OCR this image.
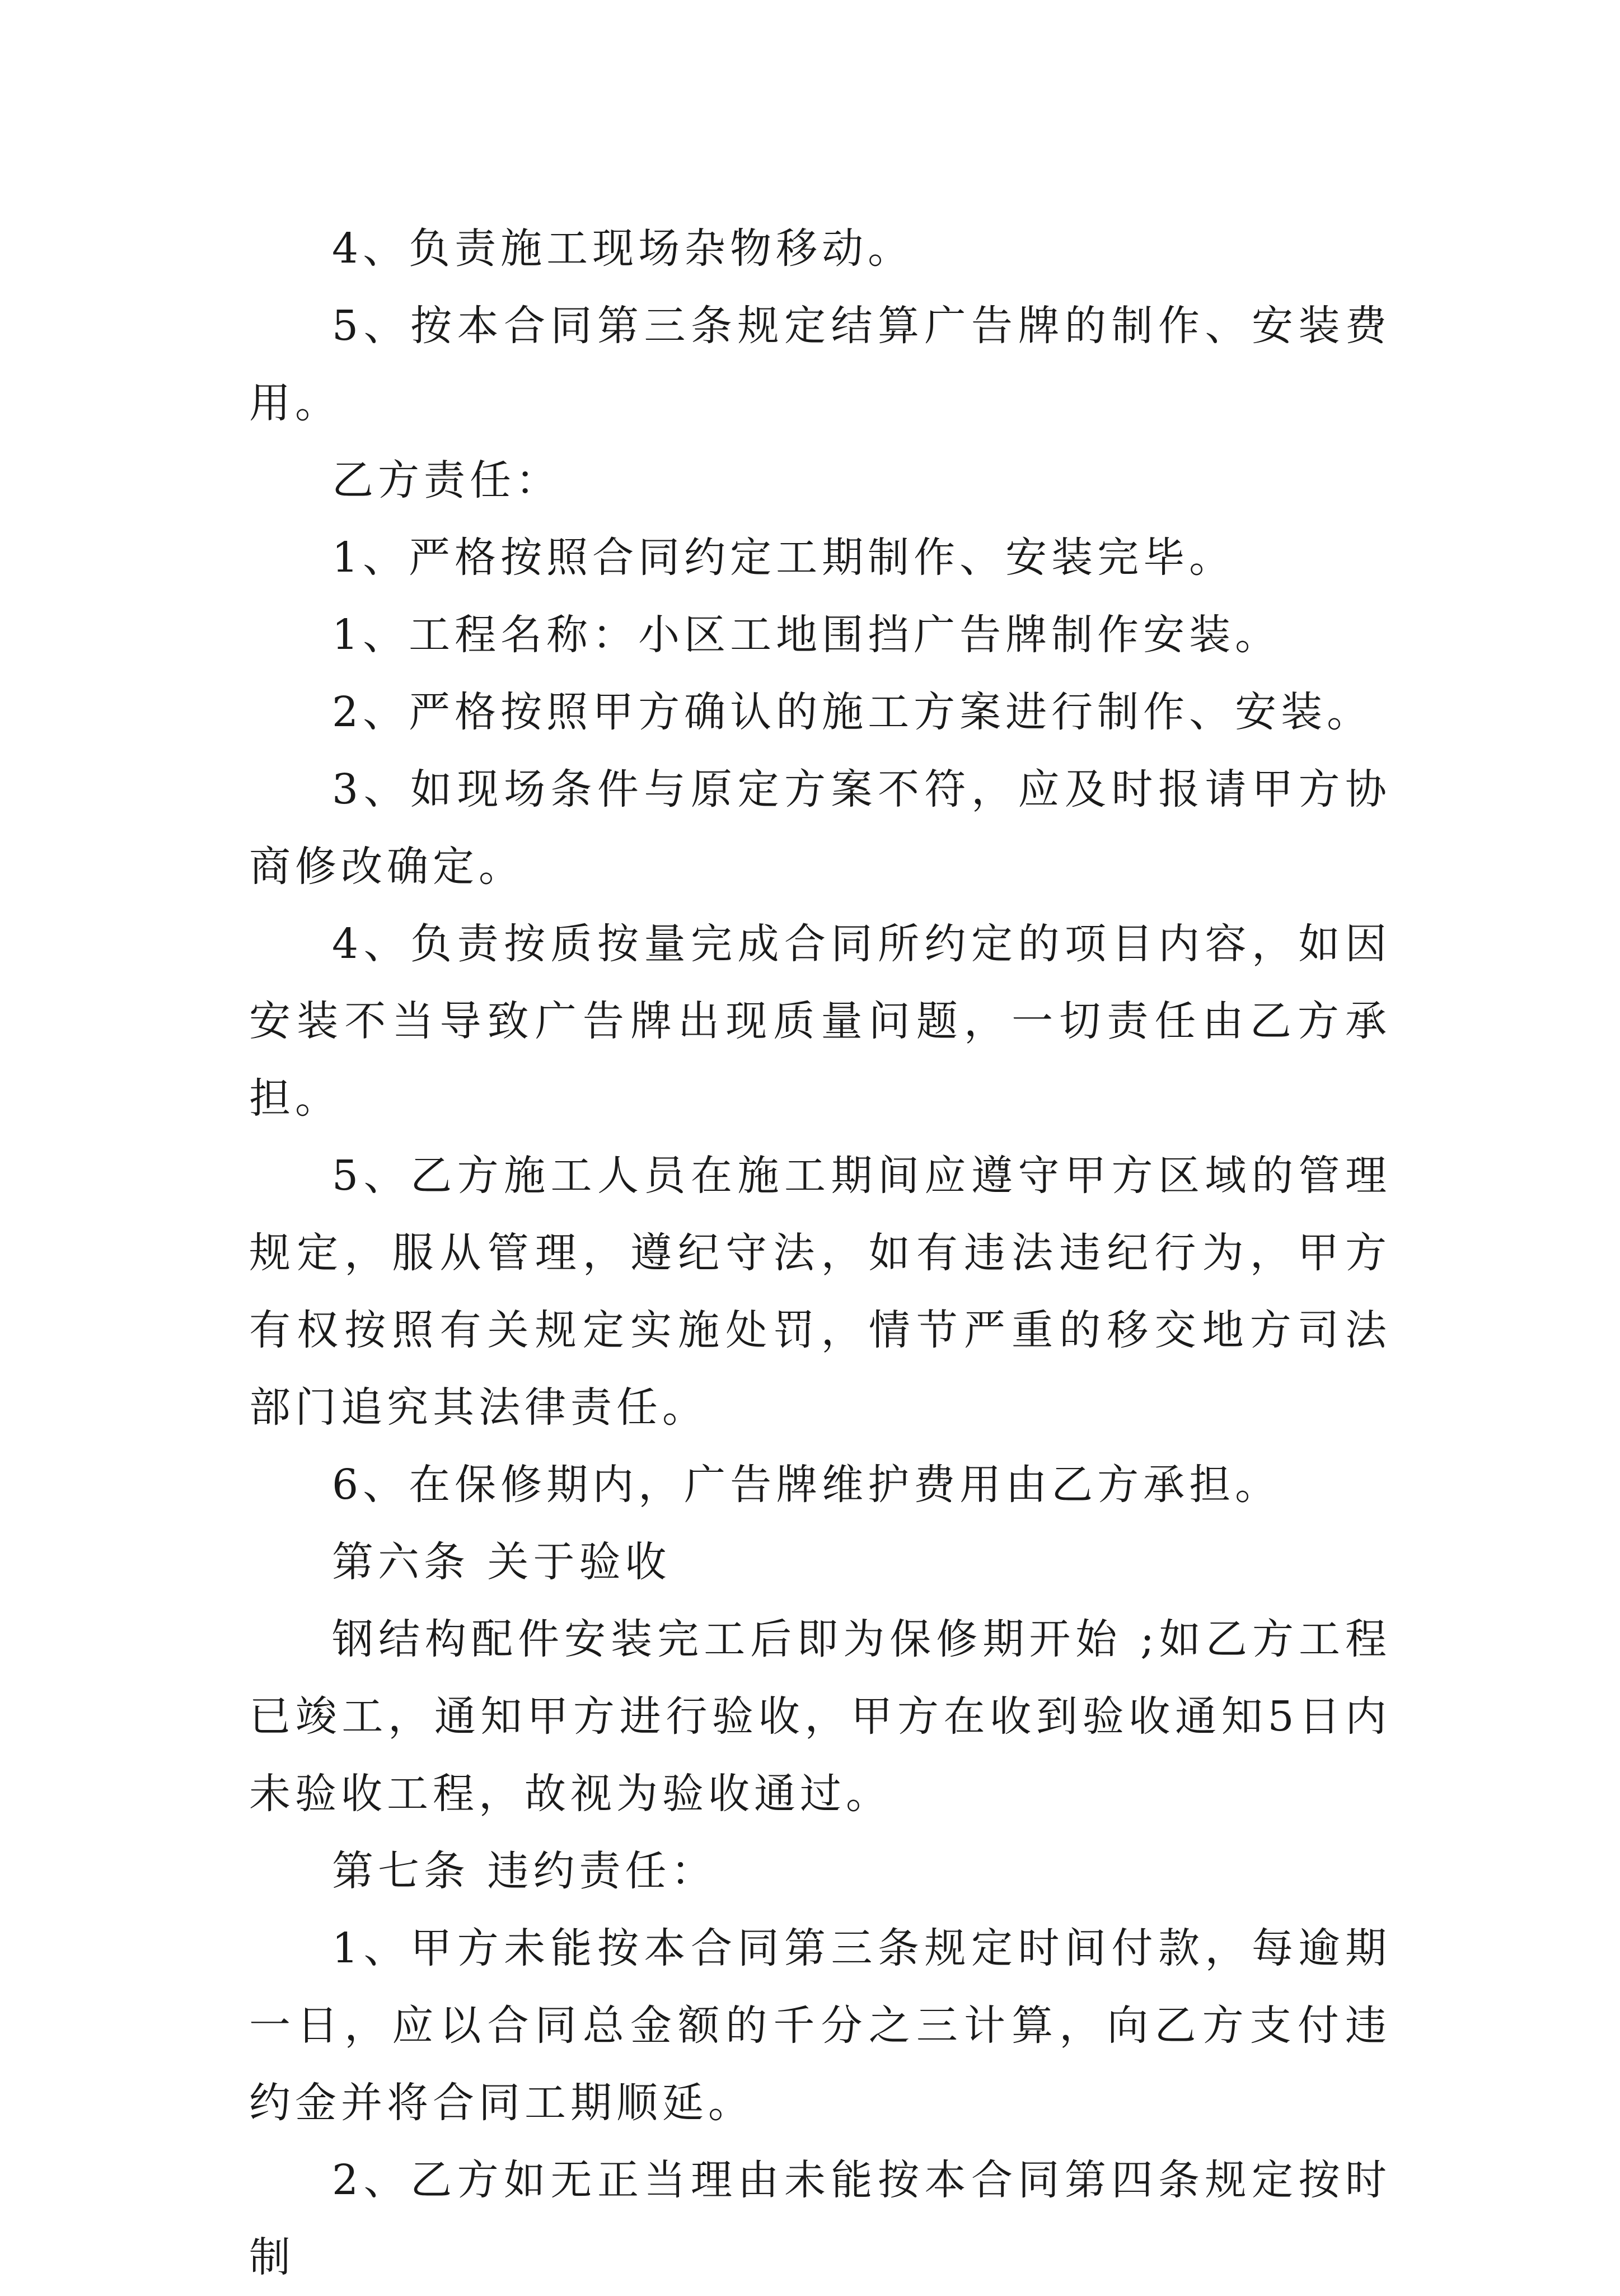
4、负责施工现场杂物移动。

5、按本合同第三条规定结算广告牌的制作、安装费用。

乙方责任：

1、严格按照合同约定工期制作、安装完毕。

1、工程名称：小区工地围挡广告牌制作安装。

2、严格按照甲方确认的施工方案进行制作、安装。

3、如现场条件与原定方案不符，应及时报请甲方协商修改确定。

4、负责按质按量完成合同所约定的项目内容，如因安装不当导致广告牌出现质量问题，一切责任由乙方承担。

5、乙方施工人员在施工期间应遵守甲方区域的管理规定，服从管理，遵纪守法，如有违法违纪行为，甲方有权按照有关规定实施处罚，情节严重的移交地方司法部门追究其法律责任。

6、在保修期内，广告牌维护费用由乙方承担。

第六条 关于验收

钢结构配件安装完工后即为保修期开始 ;如乙方工程已竣工，通知甲方进行验收，甲方在收到验收通知5日内未验收工程，故视为验收通过。

第七条 违约责任：

1、甲方未能按本合同第三条规定时间付款，每逾期一日，应以合同总金额的千分之三计算，向乙方支付违约金并将合同工期顺延。

2、乙方如无正当理由未能按本合同第四条规定按时制
